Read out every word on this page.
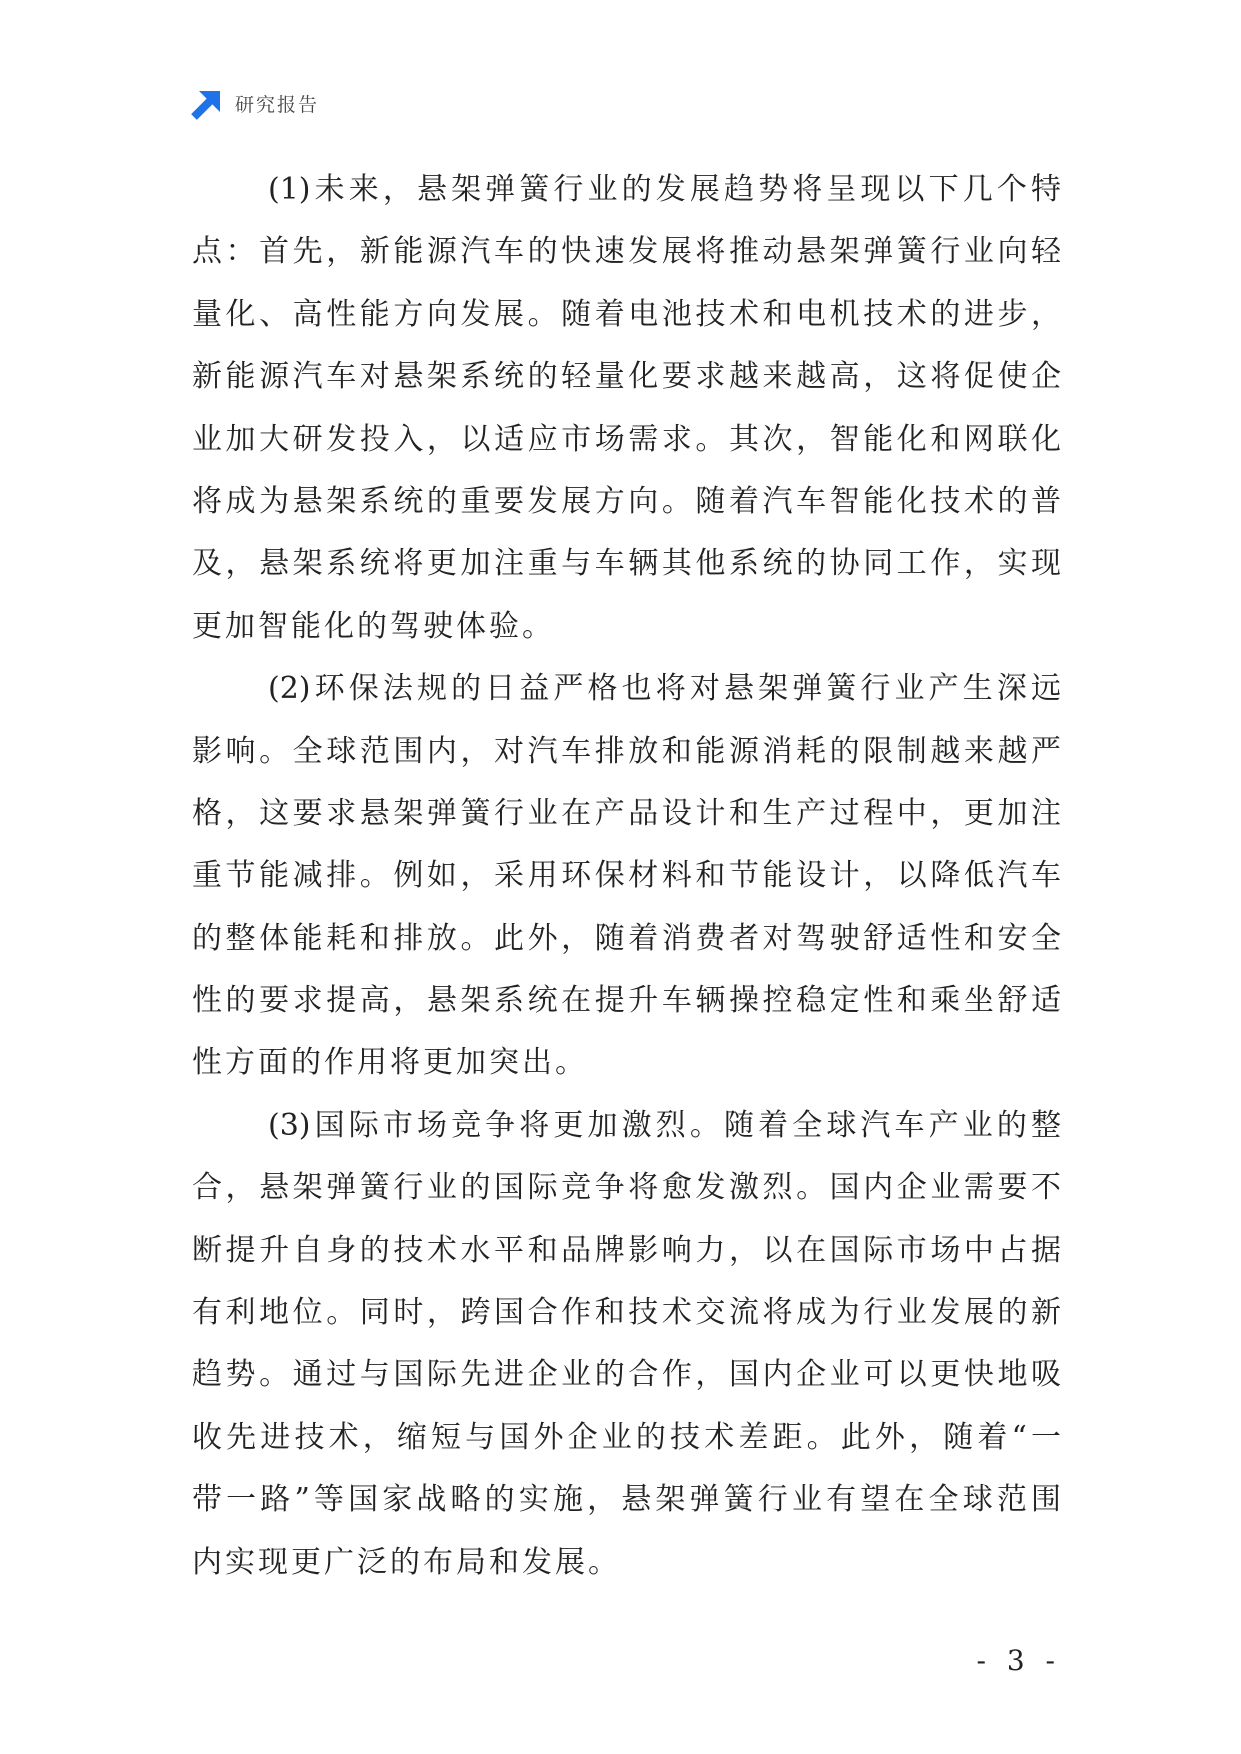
研究报告
(1)未来，悬架弹簧行业的发展趋势将呈现以下几个特
点：首先，新能源汽车的快速发展将推动悬架弹簧行业向轻
量化、高性能方向发展。随着电池技术和电机技术的进步，
新能源汽车对悬架系统的轻量化要求越来越高，这将促使企
业加大研发投入，以适应市场需求。其次，智能化和网联化
将成为悬架系统的重要发展方向。随着汽车智能化技术的普
及，悬架系统将更加注重与车辆其他系统的协同工作，实现
更加智能化的驾驶体验。
(2)环保法规的日益严格也将对悬架弹簧行业产生深远
影响。全球范围内，对汽车排放和能源消耗的限制越来越严
格，这要求悬架弹簧行业在产品设计和生产过程中，更加注
重节能减排。例如，采用环保材料和节能设计，以降低汽车
的整体能耗和排放。此外，随着消费者对驾驶舒适性和安全
性的要求提高，悬架系统在提升车辆操控稳定性和乘坐舒适
性方面的作用将更加突出。
(3)国际市场竞争将更加激烈。随着全球汽车产业的整
合，悬架弹簧行业的国际竞争将愈发激烈。国内企业需要不
断提升自身的技术水平和品牌影响力，以在国际市场中占据
有利地位。同时，跨国合作和技术交流将成为行业发展的新
趋势。通过与国际先进企业的合作，国内企业可以更快地吸
收先进技术，缩短与国外企业的技术差距。此外，随着“一
带一路”等国家战略的实施，悬架弹簧行业有望在全球范围
内实现更广泛的布局和发展。
- 3 -
